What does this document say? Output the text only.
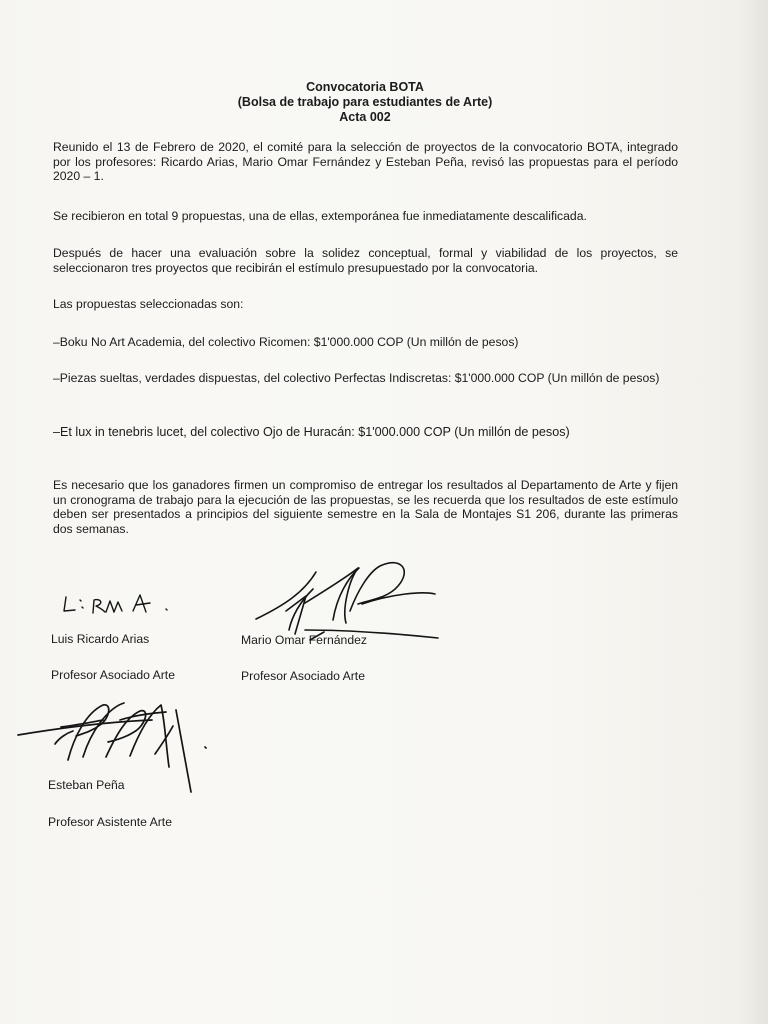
Convocatoria BOTA
(Bolsa de trabajo para estudiantes de Arte)
Acta 002
Reunido el 13 de Febrero de 2020, el comité para la selección de proyectos de la convocatorio BOTA, integrado por los profesores: Ricardo Arias, Mario Omar Fernández y Esteban Peña, revisó las propuestas para el período 2020 – 1.
Se recibieron en total 9 propuestas, una de ellas, extemporánea fue inmediatamente descalificada.
Después de hacer una evaluación sobre la solidez conceptual, formal y viabilidad de los proyectos, se seleccionaron tres proyectos que recibirán el estímulo presupuestado por la convocatoria.
Las propuestas seleccionadas son:
–Boku No Art Academia, del colectivo Ricomen: $1'000.000 COP (Un millón de pesos)
–Piezas sueltas, verdades dispuestas, del colectivo Perfectas Indiscretas: $1'000.000 COP (Un millón de pesos)
–Et lux in tenebris lucet, del colectivo Ojo de Huracán: $1'000.000 COP (Un millón de pesos)
Es necesario que los ganadores firmen un compromiso de entregar los resultados al Departamento de Arte y fijen un cronograma de trabajo para la ejecución de las propuestas, se les recuerda que los resultados de este estímulo deben ser presentados a principios del siguiente semestre en la Sala de Montajes S1 206, durante las primeras dos semanas.
Luis Ricardo Arias
Profesor Asociado Arte
Mario Omar Fernández
Profesor Asociado Arte
Esteban Peña
Profesor Asistente Arte
